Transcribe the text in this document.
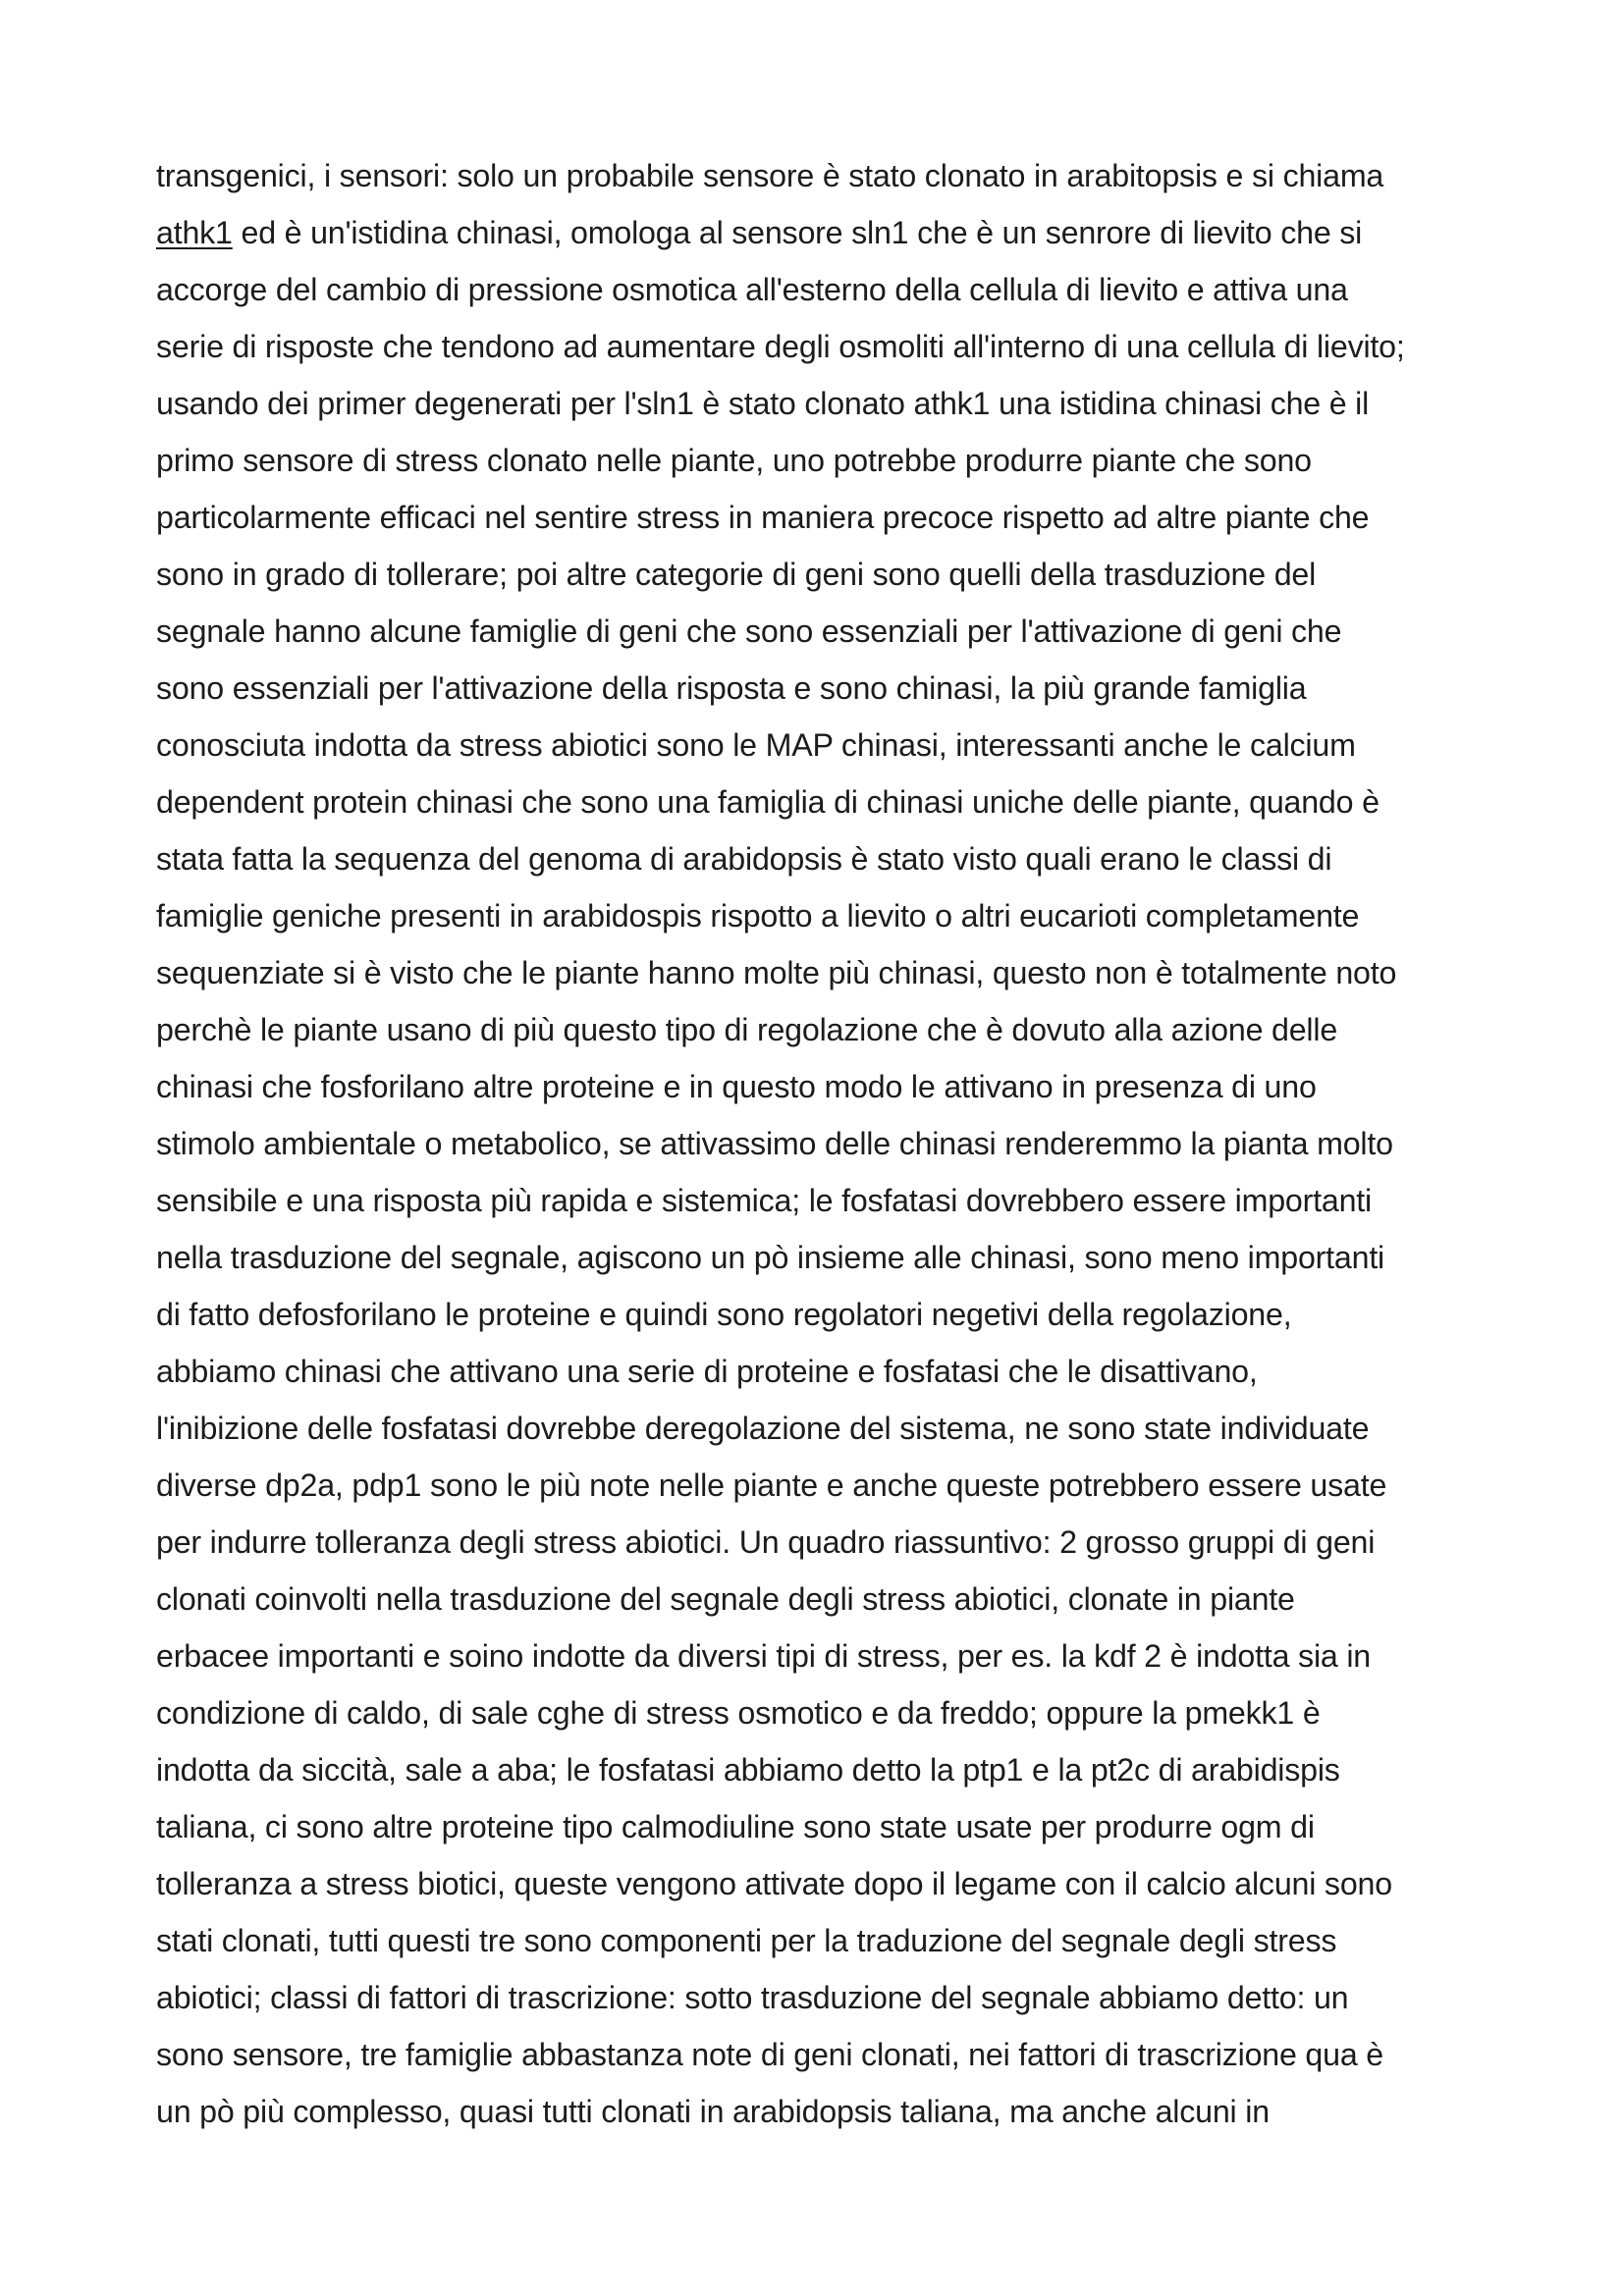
transgenici, i sensori: solo un probabile sensore è stato clonato in arabitopsis e si chiama
athk1 ed è un'istidina chinasi, omologa al sensore sln1 che è un senrore di lievito che si
accorge del cambio di pressione osmotica all'esterno della cellula di lievito e attiva una
serie di risposte che tendono ad aumentare degli osmoliti all'interno di una cellula di lievito;
usando dei primer degenerati per l'sln1 è stato clonato athk1 una istidina chinasi che è il
primo sensore di stress clonato nelle piante, uno potrebbe produrre piante che sono
particolarmente efficaci nel sentire stress in maniera precoce rispetto ad altre piante che
sono in grado di tollerare; poi altre categorie di geni sono quelli della trasduzione del
segnale hanno alcune famiglie di geni che sono essenziali per l'attivazione di geni che
sono essenziali per l'attivazione della risposta e sono chinasi, la più grande famiglia
conosciuta indotta da stress abiotici sono le MAP chinasi, interessanti anche le calcium
dependent protein chinasi che sono una famiglia di chinasi uniche delle piante, quando è
stata fatta la sequenza del genoma di arabidopsis è stato visto quali erano le classi di
famiglie geniche presenti in arabidospis rispotto a lievito o altri eucarioti completamente
sequenziate si è visto che le piante hanno molte più chinasi, questo non è totalmente noto
perchè le piante usano di più questo tipo di regolazione che è dovuto alla azione delle
chinasi che fosforilano altre proteine e in questo modo le attivano in presenza di uno
stimolo ambientale o metabolico, se attivassimo delle chinasi renderemmo la pianta molto
sensibile e una risposta più rapida e sistemica; le fosfatasi dovrebbero essere importanti
nella trasduzione del segnale, agiscono un pò insieme alle chinasi, sono meno importanti
di fatto defosforilano le proteine e quindi sono regolatori negetivi della regolazione,
abbiamo chinasi che attivano una serie di proteine e fosfatasi che le disattivano,
l'inibizione delle fosfatasi dovrebbe deregolazione del sistema, ne sono state individuate
diverse dp2a, pdp1 sono le più note nelle piante e anche queste potrebbero essere usate
per indurre tolleranza degli stress abiotici. Un quadro riassuntivo: 2 grosso gruppi di geni
clonati coinvolti nella trasduzione del segnale degli stress abiotici, clonate in piante
erbacee importanti e soino indotte da diversi tipi di stress, per es. la kdf 2 è indotta sia in
condizione di caldo, di sale cghe di stress osmotico e da freddo; oppure la pmekk1 è
indotta da siccità, sale a aba; le fosfatasi abbiamo detto la ptp1 e la pt2c di arabidispis
taliana, ci sono altre proteine tipo calmodiuline sono state usate per produrre ogm di
tolleranza a stress biotici, queste vengono attivate dopo il legame con il calcio alcuni sono
stati clonati, tutti questi tre sono componenti per la traduzione del segnale degli stress
abiotici; classi di fattori di trascrizione: sotto trasduzione del segnale abbiamo detto: un
sono sensore, tre famiglie abbastanza note di geni clonati, nei fattori di trascrizione qua è
un pò più complesso, quasi tutti clonati in arabidopsis taliana, ma anche alcuni in
